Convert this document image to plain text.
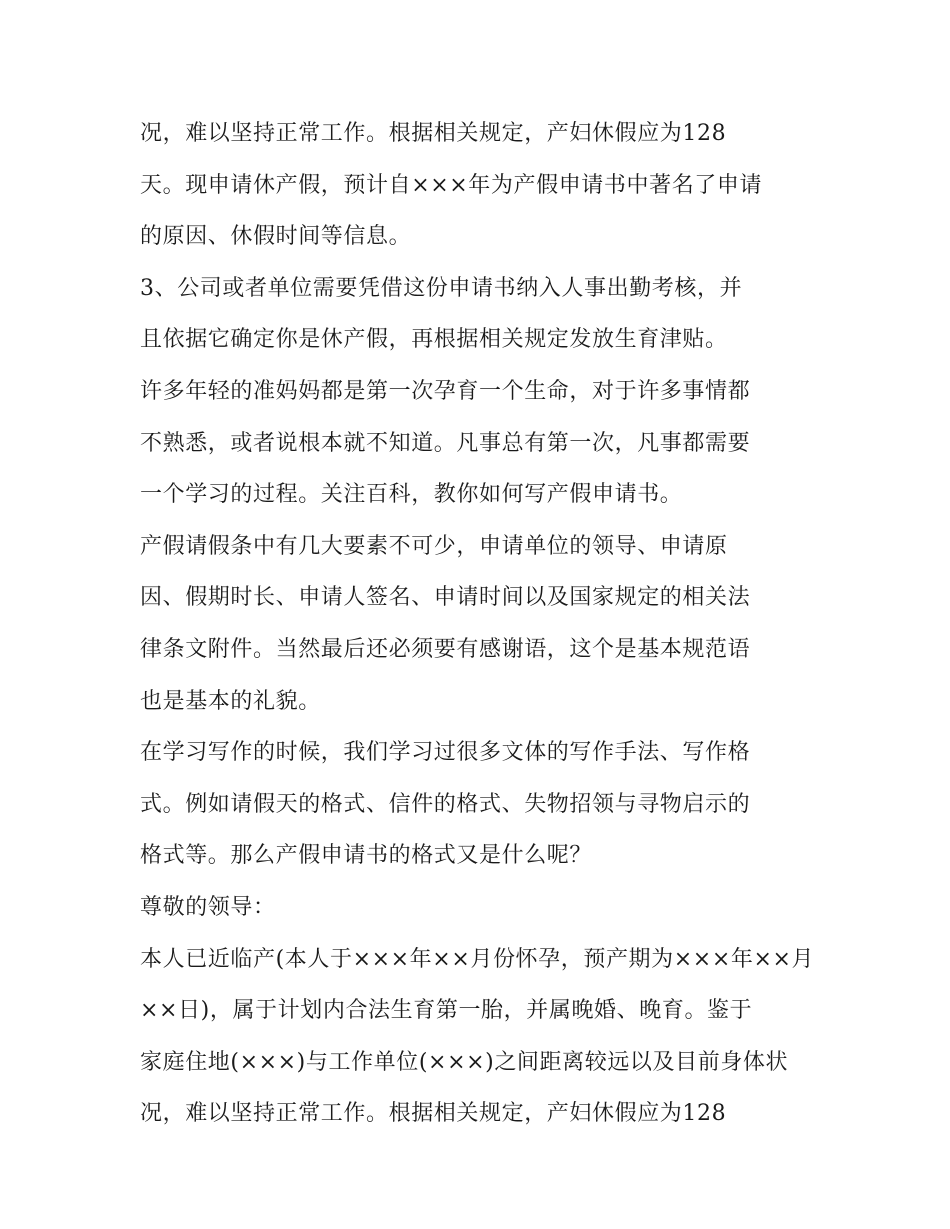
况，难以坚持正常工作。根据相关规定，产妇休假应为128
天。现申请休产假，预计自×××年为产假申请书中著名了申请
的原因、休假时间等信息。
3、公司或者单位需要凭借这份申请书纳入人事出勤考核，并
且依据它确定你是休产假，再根据相关规定发放生育津贴。
许多年轻的准妈妈都是第一次孕育一个生命，对于许多事情都
不熟悉，或者说根本就不知道。凡事总有第一次，凡事都需要
一个学习的过程。关注百科，教你如何写产假申请书。
产假请假条中有几大要素不可少，申请单位的领导、申请原
因、假期时长、申请人签名、申请时间以及国家规定的相关法
律条文附件。当然最后还必须要有感谢语，这个是基本规范语
也是基本的礼貌。
在学习写作的时候，我们学习过很多文体的写作手法、写作格
式。例如请假天的格式、信件的格式、失物招领与寻物启示的
格式等。那么产假申请书的格式又是什么呢？
尊敬的领导：
本人已近临产(本人于×××年××月份怀孕，预产期为×××年××月
××日)，属于计划内合法生育第一胎，并属晚婚、晚育。鉴于
家庭住地(×××)与工作单位(×××)之间距离较远以及目前身体状
况，难以坚持正常工作。根据相关规定，产妇休假应为128
